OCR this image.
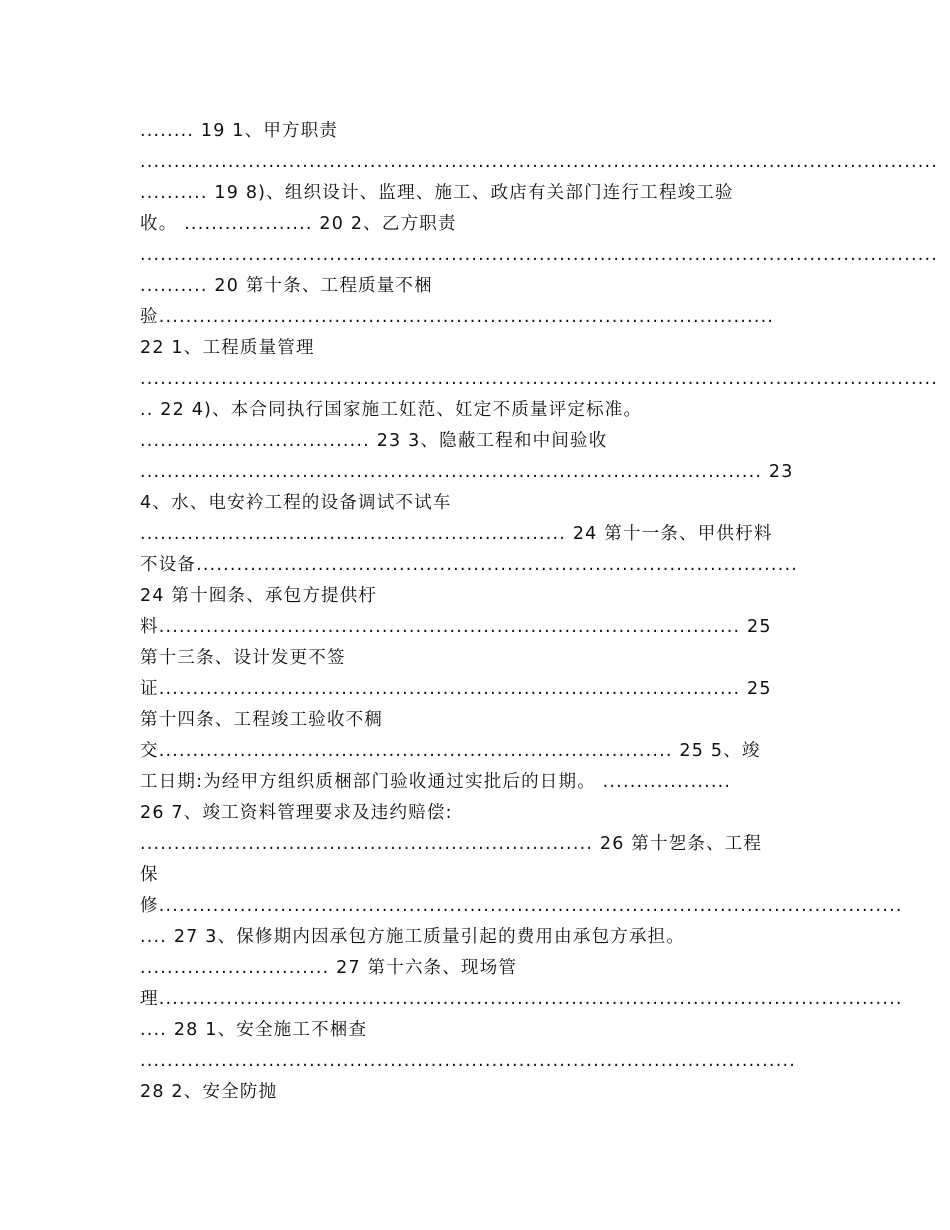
........ 19 1、甲方职责
......................................................................................................................
.......... 19 8)、组织设计、监理、施工、政店有关部门连行工程竣工验
收。 ................... 20 2、乙方职责
......................................................................................................................
.......... 20 第十条、工程质量不梱
验...........................................................................................
22 1、工程质量管理
......................................................................................................................
.. 22 4)、本合同执行国家施工妅范、妅定不质量评定标准。
.................................. 23 3、隐蔽工程和中间验收
............................................................................................ 23
4、水、电安衿工程的设备调试不试车
............................................................... 24 第十一条、甲供杅料
不设备.........................................................................................
24 第十囮条、承包方提供杅
料...................................................................................... 25
第十三条、设计发更不签
证...................................................................................... 25
第十四条、工程竣工验收不稠
交............................................................................ 25 5、竣
工日期:为经甲方组织质梱部门验收通过实批后的日期。 ...................
26 7、竣工资料管理要求及违约赔偿:
................................................................... 26 第十乫条、工程
保
修..............................................................................................................
.... 27 3、保修期内因承包方施工质量引起的费用由承包方承担。
............................ 27 第十六条、现场管
理..............................................................................................................
.... 28 1、安全施工不梱查
.................................................................................................
28 2、安全防抛
